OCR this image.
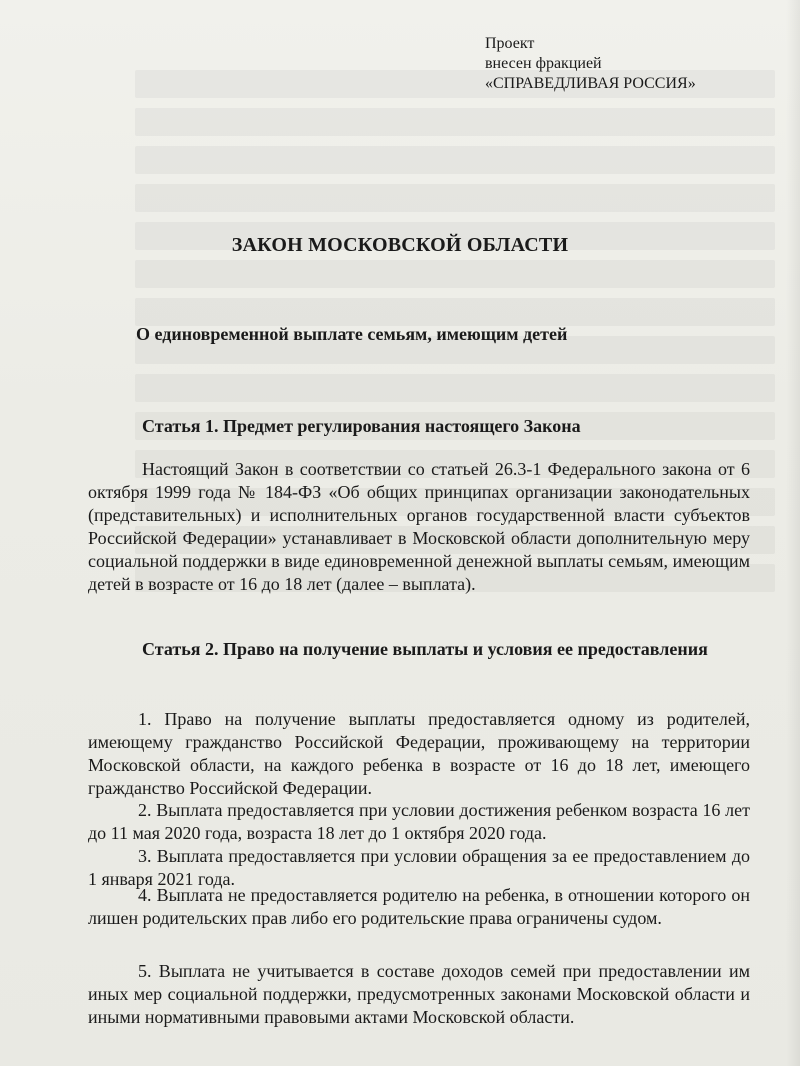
Проект
внесен фракцией
«СПРАВЕДЛИВАЯ РОССИЯ»
ЗАКОН МОСКОВСКОЙ ОБЛАСТИ
О единовременной выплате семьям, имеющим детей
Статья 1. Предмет регулирования настоящего Закона
Настоящий Закон в соответствии со статьей 26.3-1 Федерального закона от 6 октября 1999 года № 184-ФЗ «Об общих принципах организации законодательных (представительных) и исполнительных органов государственной власти субъектов Российской Федерации» устанавливает в Московской области дополнительную меру социальной поддержки в виде единовременной денежной выплаты семьям, имеющим детей в возрасте от 16 до 18 лет (далее – выплата).
Статья 2. Право на получение выплаты и условия ее предоставления
1. Право на получение выплаты предоставляется одному из родителей, имеющему гражданство Российской Федерации, проживающему на территории Московской области, на каждого ребенка в возрасте от 16 до 18 лет, имеющего гражданство Российской Федерации.
2. Выплата предоставляется при условии достижения ребенком возраста 16 лет до 11 мая 2020 года, возраста 18 лет до 1 октября 2020 года.
3. Выплата предоставляется при условии обращения за ее предоставлением до 1 января 2021 года.
4. Выплата не предоставляется родителю на ребенка, в отношении которого он лишен родительских прав либо его родительские права ограничены судом.
5. Выплата не учитывается в составе доходов семей при предоставлении им иных мер социальной поддержки, предусмотренных законами Московской области и иными нормативными правовыми актами Московской области.
